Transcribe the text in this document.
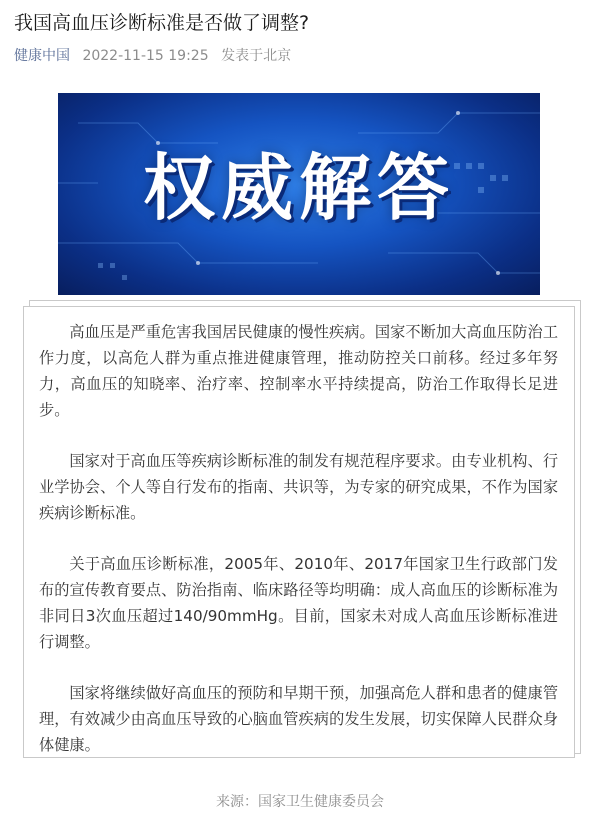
我国高血压诊断标准是否做了调整?
健康中国 2022-11-15 19:25 发表于北京
权威解答

高血压是严重危害我国居民健康的慢性疾病。国家不断加大高血压防治工作力度，以高危人群为重点推进健康管理，推动防控关口前移。经过多年努力，高血压的知晓率、治疗率、控制率水平持续提高，防治工作取得长足进步。

国家对于高血压等疾病诊断标准的制发有规范程序要求。由专业机构、行业学协会、个人等自行发布的指南、共识等，为专家的研究成果，不作为国家疾病诊断标准。

关于高血压诊断标准，2005年、2010年、2017年国家卫生行政部门发布的宣传教育要点、防治指南、临床路径等均明确：成人高血压的诊断标准为非同日3次血压超过140/90mmHg。目前，国家未对成人高血压诊断标准进行调整。

国家将继续做好高血压的预防和早期干预，加强高危人群和患者的健康管理，有效减少由高血压导致的心脑血管疾病的发生发展，切实保障人民群众身体健康。

来源：国家卫生健康委员会
